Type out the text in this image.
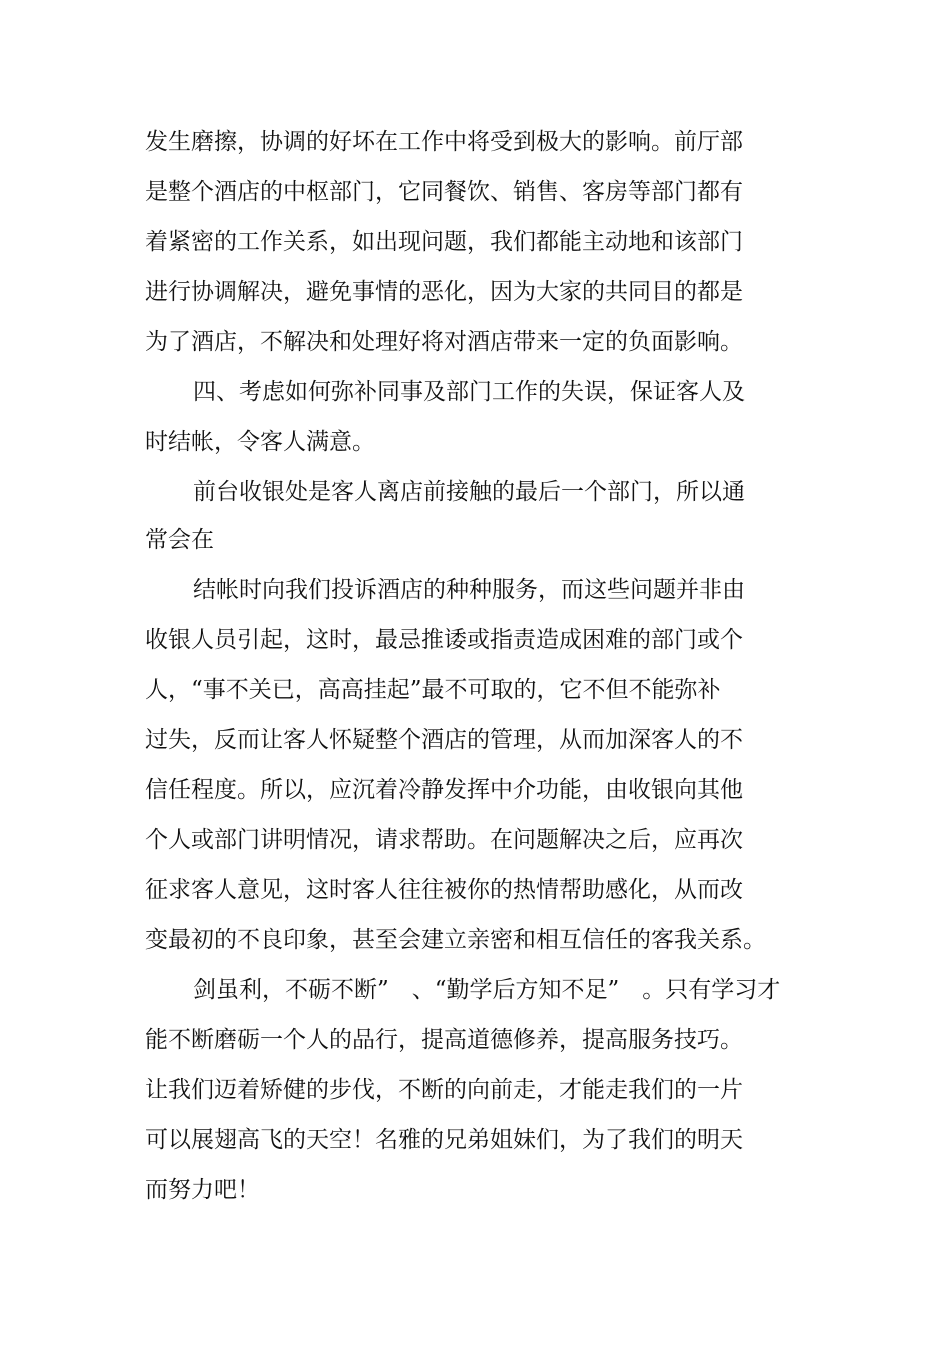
发生磨擦，协调的好坏在工作中将受到极大的影响。前厅部
是整个酒店的中枢部门，它同餐饮、销售、客房等部门都有
着紧密的工作关系，如出现问题，我们都能主动地和该部门
进行协调解决，避免事情的恶化，因为大家的共同目的都是
为了酒店，不解决和处理好将对酒店带来一定的负面影响。
四、考虑如何弥补同事及部门工作的失误，保证客人及
时结帐，令客人满意。
前台收银处是客人离店前接触的最后一个部门，所以通
常会在
结帐时向我们投诉酒店的种种服务，而这些问题并非由
收银人员引起，这时，最忌推诿或指责造成困难的部门或个
人，“事不关已，高高挂起”最不可取的，它不但不能弥补
过失，反而让客人怀疑整个酒店的管理，从而加深客人的不
信任程度。所以，应沉着冷静发挥中介功能，由收银向其他
个人或部门讲明情况，请求帮助。在问题解决之后，应再次
征求客人意见，这时客人往往被你的热情帮助感化，从而改
变最初的不良印象，甚至会建立亲密和相互信任的客我关系。
剑虽利，不砺不断”　、“勤学后方知不足”　。只有学习才
能不断磨砺一个人的品行，提高道德修养，提高服务技巧。
让我们迈着矫健的步伐，不断的向前走，才能走我们的一片
可以展翅高飞的天空！名雅的兄弟姐妹们，为了我们的明天
而努力吧！
